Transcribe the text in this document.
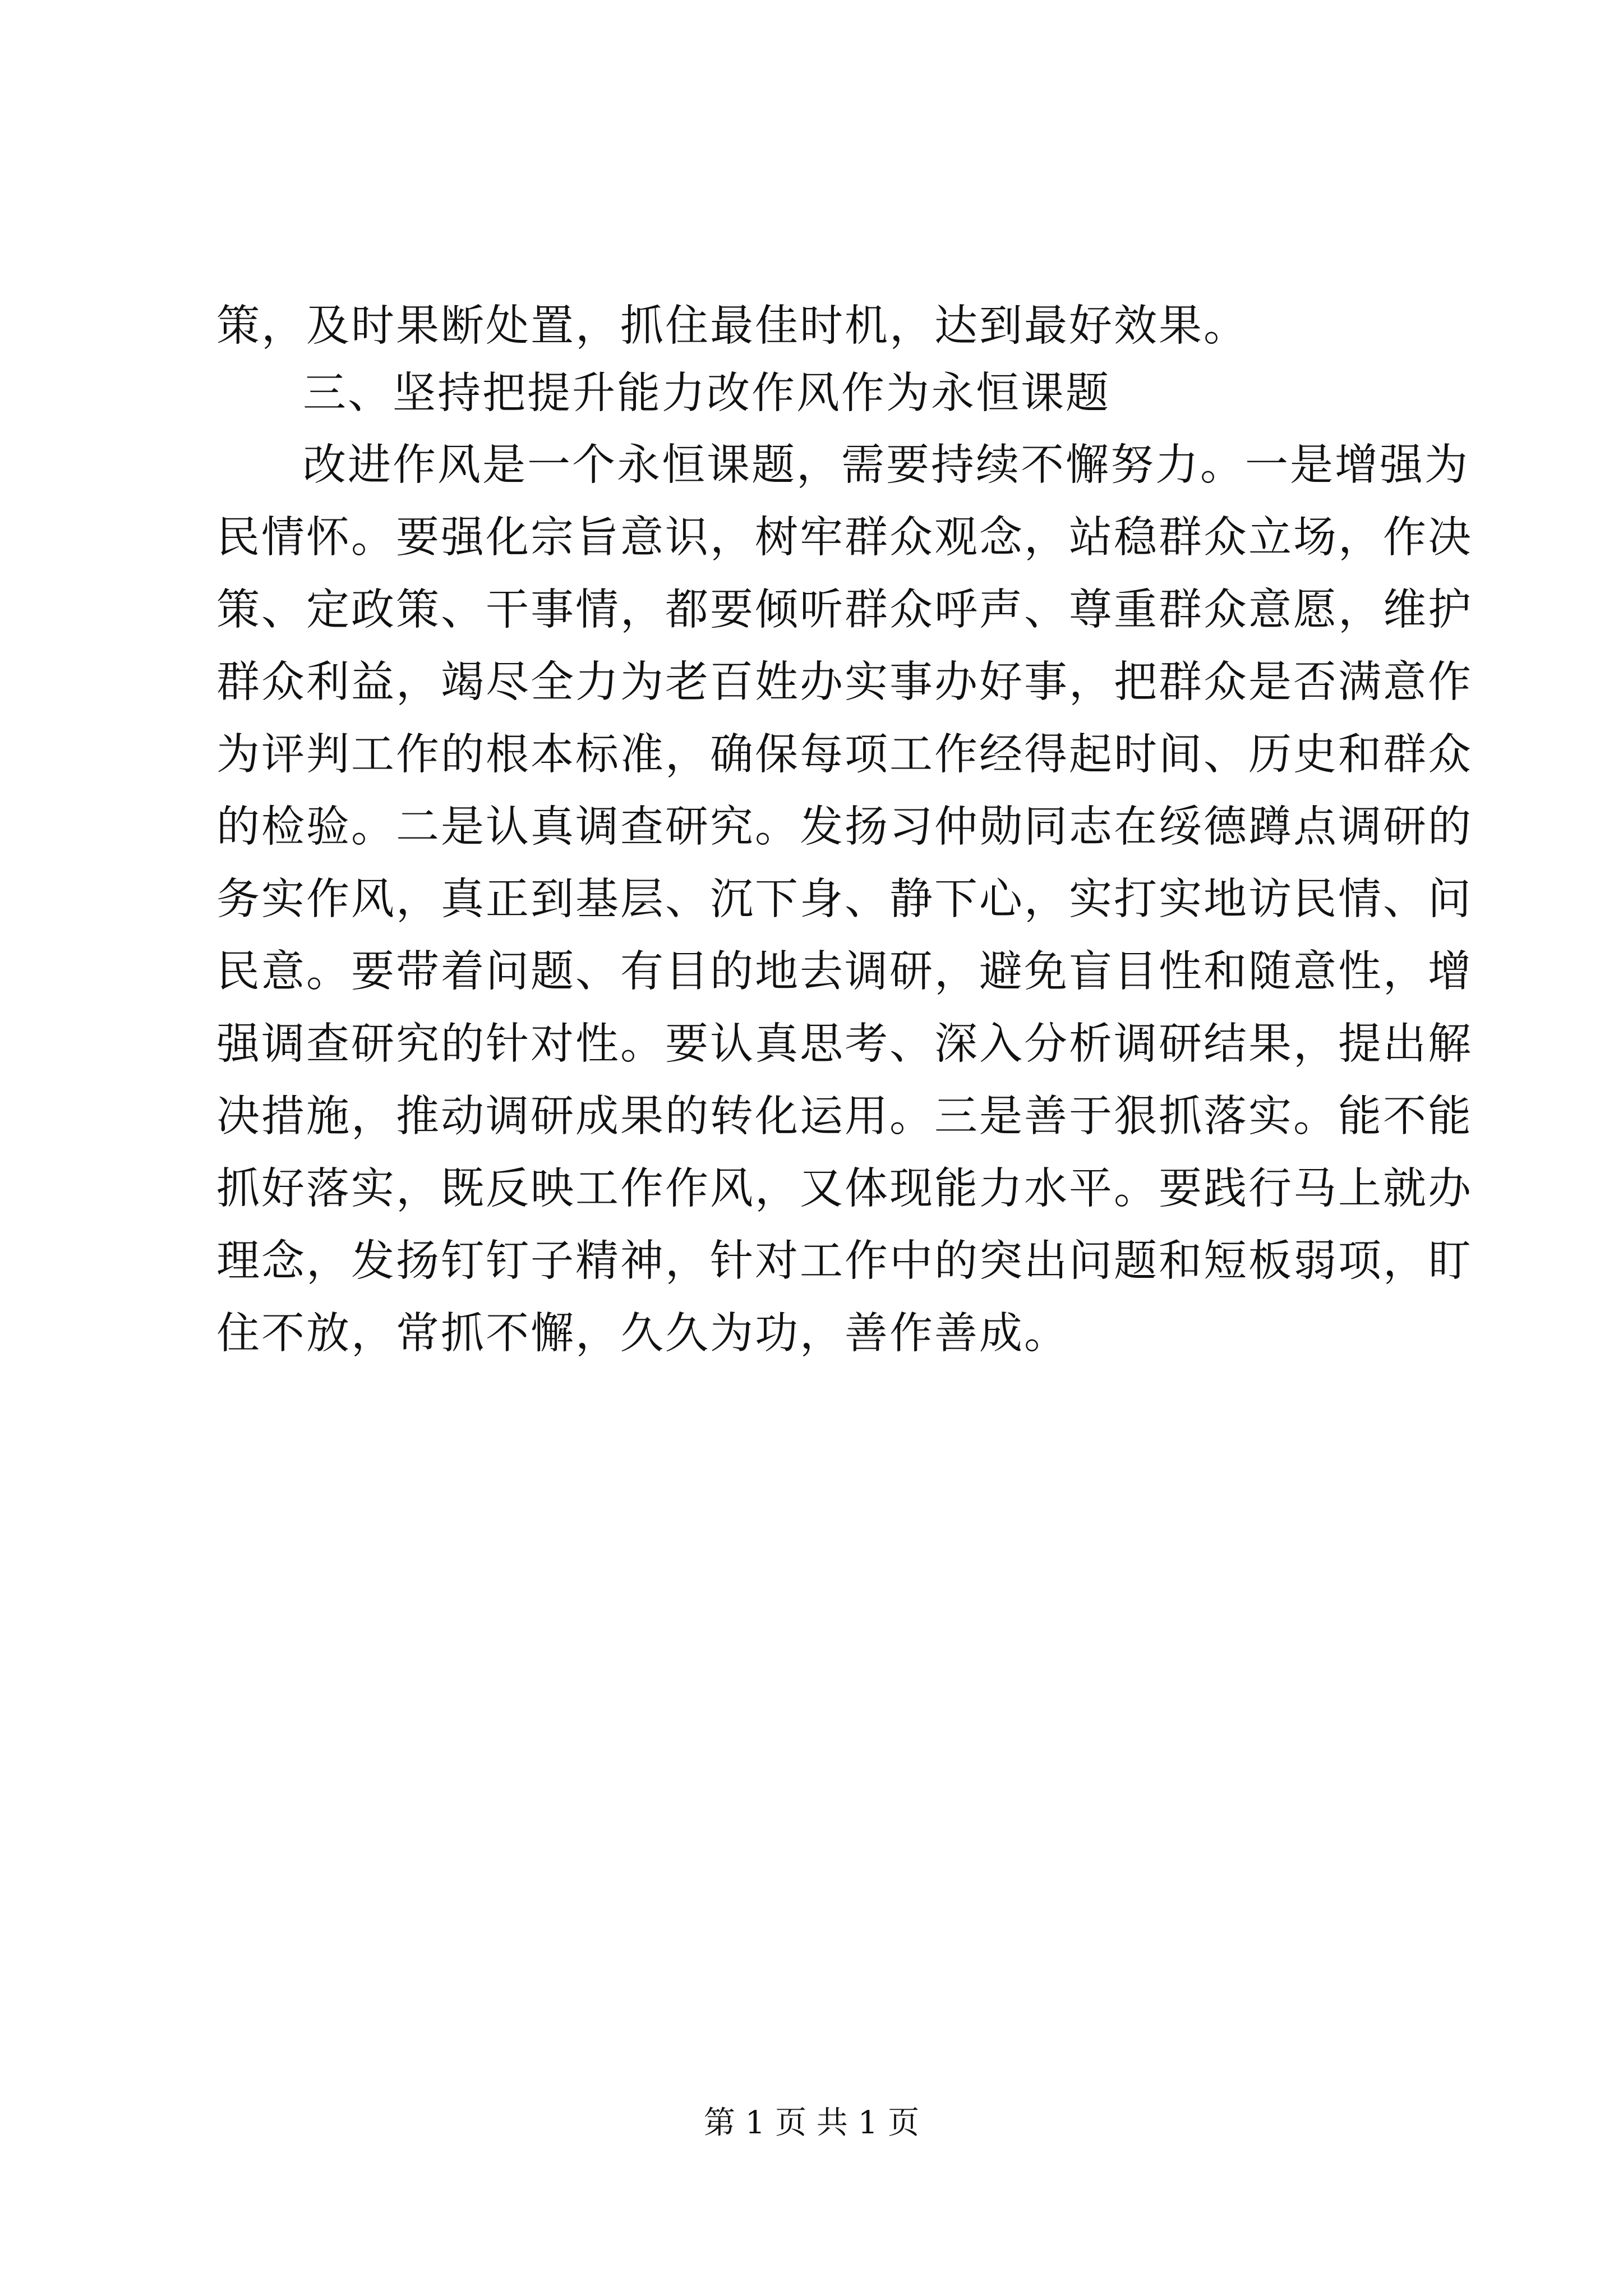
策，及时果断处置，抓住最佳时机，达到最好效果。
三、坚持把提升能力改作风作为永恒课题
改进作风是一个永恒课题，需要持续不懈努力。一是增强为
民情怀。要强化宗旨意识，树牢群众观念，站稳群众立场，作决
策、定政策、干事情，都要倾听群众呼声、尊重群众意愿，维护
群众利益，竭尽全力为老百姓办实事办好事，把群众是否满意作
为评判工作的根本标准，确保每项工作经得起时间、历史和群众
的检验。二是认真调查研究。发扬习仲勋同志在绥德蹲点调研的
务实作风，真正到基层、沉下身、静下心，实打实地访民情、问
民意。要带着问题、有目的地去调研，避免盲目性和随意性，增
强调查研究的针对性。要认真思考、深入分析调研结果，提出解
决措施，推动调研成果的转化运用。三是善于狠抓落实。能不能
抓好落实，既反映工作作风，又体现能力水平。要践行马上就办
理念，发扬钉钉子精神，针对工作中的突出问题和短板弱项，盯
住不放，常抓不懈，久久为功，善作善成。
第 1 页 共 1 页
